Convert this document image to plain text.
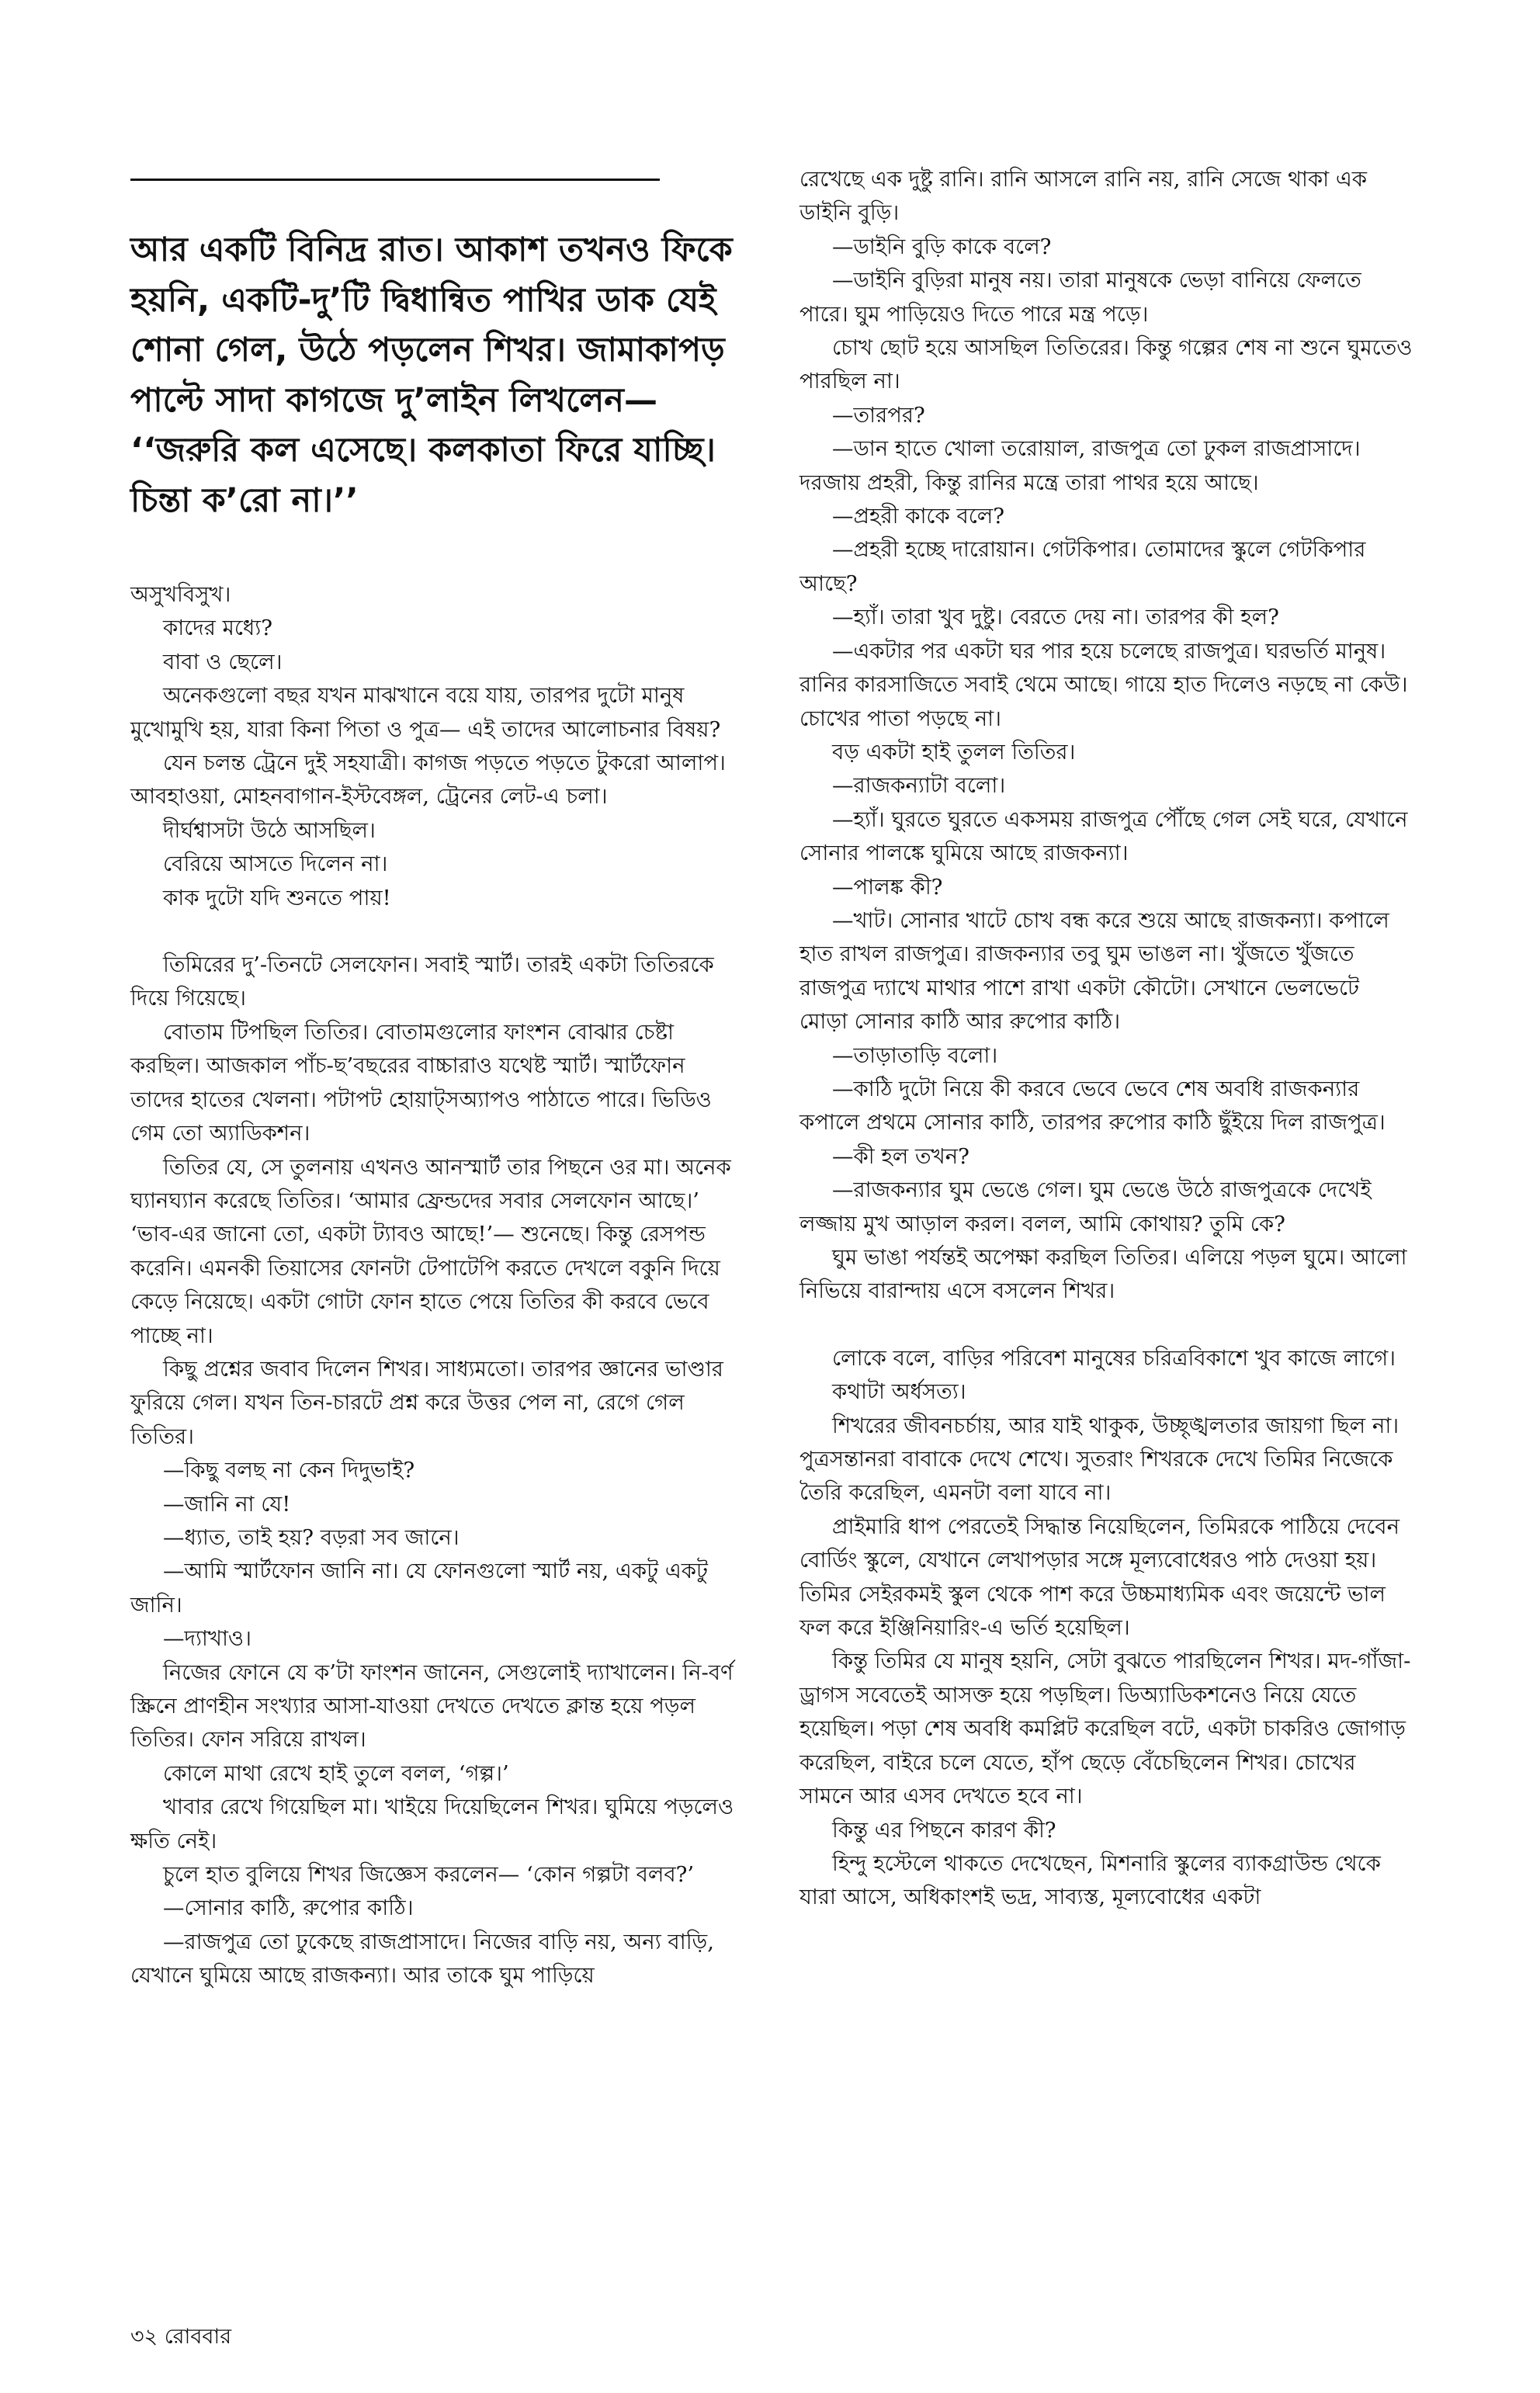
আর একটি বিনিদ্র রাত। আকাশ তখনও ফিকে হয়নি, একটি-দু’টি দ্বিধান্বিত পাখির ডাক যেই শোনা গেল, উঠে পড়লেন শিখর। জামাকাপড় পাল্টে সাদা কাগজে দু’লাইন লিখলেন— ‘‘জরুরি কল এসেছে। কলকাতা ফিরে যাচ্ছি। চিন্তা ক’রো না।’’

অসুখবিসুখ।

কাদের মধ্যে?

বাবা ও ছেলে।

অনেকগুলো বছর যখন মাঝখানে বয়ে যায়, তারপর দুটো মানুষ মুখোমুখি হয়, যারা কিনা পিতা ও পুত্র— এই তাদের আলোচনার বিষয়?

যেন চলন্ত ট্রেনে দুই সহযাত্রী। কাগজ পড়তে পড়তে টুকরো আলাপ। আবহাওয়া, মোহনবাগান-ইস্টবেঙ্গল, ট্রেনের লেট-এ চলা।

দীর্ঘশ্বাসটা উঠে আসছিল।

বেরিয়ে আসতে দিলেন না।

কাক দুটো যদি শুনতে পায়!

তিমিরের দু’-তিনটে সেলফোন। সবাই স্মার্ট। তারই একটা তিতিরকে দিয়ে গিয়েছে।

বোতাম টিপছিল তিতির। বোতামগুলোর ফাংশন বোঝার চেষ্টা করছিল। আজকাল পাঁচ-ছ’বছরের বাচ্চারাও যথেষ্ট স্মার্ট। স্মার্টফোন তাদের হাতের খেলনা। পটাপট হোয়াট্‌সঅ্যাপও পাঠাতে পারে। ভিডিও গেম তো অ্যাডিকশন।

তিতির যে, সে তুলনায় এখনও আনস্মার্ট তার পিছনে ওর মা। অনেক ঘ্যানঘ্যান করেছে তিতির। ‘আমার ফ্রেন্ডদের সবার সেলফোন আছে।’ ‘ভাব-এর জানো তো, একটা ট্যাবও আছে!’— শুনেছে। কিন্তু রেসপন্ড করেনি। এমনকী তিয়াসের ফোনটা টেপাটেপি করতে দেখলে বকুনি দিয়ে কেড়ে নিয়েছে। একটা গোটা ফোন হাতে পেয়ে তিতির কী করবে ভেবে পাচ্ছে না।

কিছু প্রশ্নের জবাব দিলেন শিখর। সাধ্যমতো। তারপর জ্ঞানের ভাণ্ডার ফুরিয়ে গেল। যখন তিন-চারটে প্রশ্ন করে উত্তর পেল না, রেগে গেল তিতির।

—কিছু বলছ না কেন দিদুভাই?

—জানি না যে!

—ধ্যাত, তাই হয়? বড়রা সব জানে।

—আমি স্মার্টফোন জানি না। যে ফোনগুলো স্মার্ট নয়, একটু একটু জানি।

—দ্যাখাও।

নিজের ফোনে যে ক’টা ফাংশন জানেন, সেগুলোই দ্যাখালেন। নি-বর্ণ স্ক্রিনে প্রাণহীন সংখ্যার আসা-যাওয়া দেখতে দেখতে ক্লান্ত হয়ে পড়ল তিতির। ফোন সরিয়ে রাখল।

কোলে মাথা রেখে হাই তুলে বলল, ‘গল্প।’

খাবার রেখে গিয়েছিল মা। খাইয়ে দিয়েছিলেন শিখর। ঘুমিয়ে পড়লেও ক্ষতি নেই।

চুলে হাত বুলিয়ে শিখর জিজ্ঞেস করলেন— ‘কোন গল্পটা বলব?’

—সোনার কাঠি, রুপোর কাঠি।

—রাজপুত্র তো ঢুকেছে রাজপ্রাসাদে। নিজের বাড়ি নয়, অন্য বাড়ি, যেখানে ঘুমিয়ে আছে রাজকন্যা। আর তাকে ঘুম পাড়িয়ে

রেখেছে এক দুষ্টু রানি। রানি আসলে রানি নয়, রানি সেজে থাকা এক ডাইনি বুড়ি।

—ডাইনি বুড়ি কাকে বলে?

—ডাইনি বুড়িরা মানুষ নয়। তারা মানুষকে ভেড়া বানিয়ে ফেলতে পারে। ঘুম পাড়িয়েও দিতে পারে মন্ত্র পড়ে।

চোখ ছোট হয়ে আসছিল তিতিরের। কিন্তু গল্পের শেষ না শুনে ঘুমতেও পারছিল না।

—তারপর?

—ডান হাতে খোলা তরোয়াল, রাজপুত্র তো ঢুকল রাজপ্রাসাদে। দরজায় প্রহরী, কিন্তু রানির মন্ত্রে তারা পাথর হয়ে আছে।

—প্রহরী কাকে বলে?

—প্রহরী হচ্ছে দারোয়ান। গেটকিপার। তোমাদের স্কুলে গেটকিপার আছে?

—হ্যাঁ। তারা খুব দুষ্টু। বেরতে দেয় না। তারপর কী হল?

—একটার পর একটা ঘর পার হয়ে চলেছে রাজপুত্র। ঘরভর্তি মানুষ। রানির কারসাজিতে সবাই থেমে আছে। গায়ে হাত দিলেও নড়ছে না কেউ। চোখের পাতা পড়ছে না।

বড় একটা হাই তুলল তিতির।

—রাজকন্যাটা বলো।

—হ্যাঁ। ঘুরতে ঘুরতে একসময় রাজপুত্র পৌঁছে গেল সেই ঘরে, যেখানে সোনার পালঙ্কে ঘুমিয়ে আছে রাজকন্যা।

—পালঙ্ক কী?

—খাট। সোনার খাটে চোখ বন্ধ করে শুয়ে আছে রাজকন্যা। কপালে হাত রাখল রাজপুত্র। রাজকন্যার তবু ঘুম ভাঙল না। খুঁজতে খুঁজতে রাজপুত্র দ্যাখে মাথার পাশে রাখা একটা কৌটো। সেখানে ভেলভেটে মোড়া সোনার কাঠি আর রুপোর কাঠি।

—তাড়াতাড়ি বলো।

—কাঠি দুটো নিয়ে কী করবে ভেবে ভেবে শেষ অবধি রাজকন্যার কপালে প্রথমে সোনার কাঠি, তারপর রুপোর কাঠি ছুঁইয়ে দিল রাজপুত্র।

—কী হল তখন?

—রাজকন্যার ঘুম ভেঙে গেল। ঘুম ভেঙে উঠে রাজপুত্রকে দেখেই লজ্জায় মুখ আড়াল করল। বলল, আমি কোথায়? তুমি কে?

ঘুম ভাঙা পর্যন্তই অপেক্ষা করছিল তিতির। এলিয়ে পড়ল ঘুমে। আলো নিভিয়ে বারান্দায় এসে বসলেন শিখর।

লোকে বলে, বাড়ির পরিবেশ মানুষের চরিত্রবিকাশে খুব কাজে লাগে।

কথাটা অর্ধসত্য।

শিখরের জীবনচর্চায়, আর যাই থাকুক, উচ্ছৃঙ্খলতার জায়গা ছিল না। পুত্রসন্তানরা বাবাকে দেখে শেখে। সুতরাং শিখরকে দেখে তিমির নিজেকে তৈরি করেছিল, এমনটা বলা যাবে না।

প্রাইমারি ধাপ পেরতেই সিদ্ধান্ত নিয়েছিলেন, তিমিরকে পাঠিয়ে দেবেন বোর্ডিং স্কুলে, যেখানে লেখাপড়ার সঙ্গে মূল্যবোধেরও পাঠ দেওয়া হয়। তিমির সেইরকমই স্কুল থেকে পাশ করে উচ্চমাধ্যমিক এবং জয়েন্টে ভাল ফল করে ইঞ্জিনিয়ারিং-এ ভর্তি হয়েছিল।

কিন্তু তিমির যে মানুষ হয়নি, সেটা বুঝতে পারছিলেন শিখর। মদ-গাঁজা-ড্রাগস সবেতেই আসক্ত হয়ে পড়ছিল। ডিঅ্যাডিকশনেও নিয়ে যেতে হয়েছিল। পড়া শেষ অবধি কমপ্লিট করেছিল বটে, একটা চাকরিও জোগাড় করেছিল, বাইরে চলে যেতে, হাঁপ ছেড়ে বেঁচেছিলেন শিখর। চোখের সামনে আর এসব দেখতে হবে না।

কিন্তু এর পিছনে কারণ কী?

হিন্দু হস্টেলে থাকতে দেখেছেন, মিশনারি স্কুলের ব্যাকগ্রাউন্ড থেকে যারা আসে, অধিকাংশই ভদ্র, সাব্যস্ত, মূল্যবোধের একটা

৩২ রোববার
